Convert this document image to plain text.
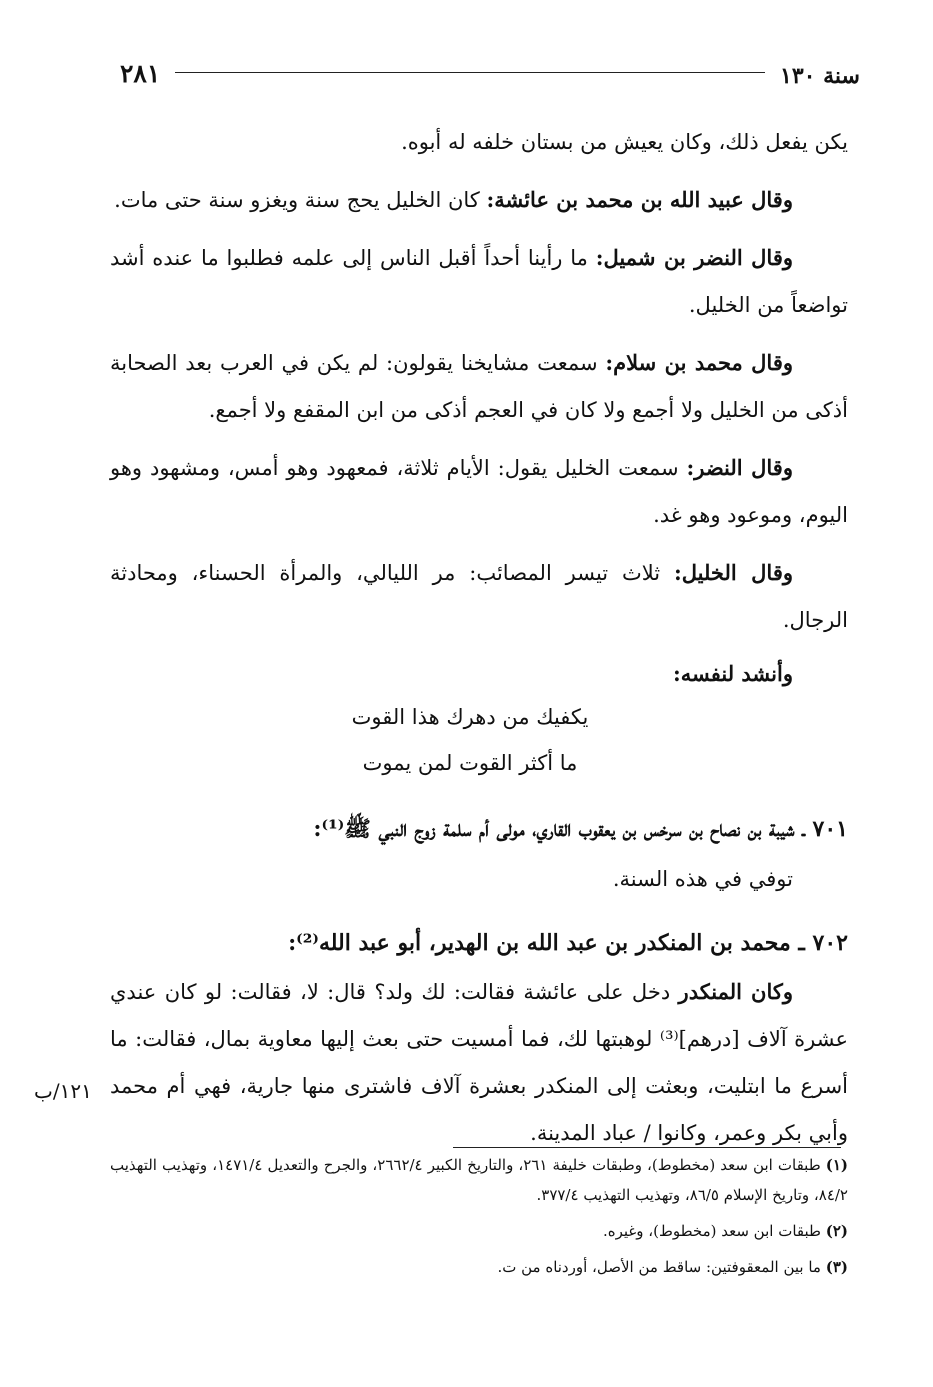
٢٨١	سنة ١٣٠

يكن يفعل ذلك، وكان يعيش من بستان خلفه له أبوه.

وقال عبيد الله بن محمد بن عائشة: كان الخليل يحج سنة ويغزو سنة حتى مات.

وقال النضر بن شميل: ما رأينا أحداً أقبل الناس إلى علمه فطلبوا ما عنده أشد تواضعاً من الخليل.

وقال محمد بن سلام: سمعت مشايخنا يقولون: لم يكن في العرب بعد الصحابة أذكى من الخليل ولا أجمع ولا كان في العجم أذكى من ابن المقفع ولا أجمع.

وقال النضر: سمعت الخليل يقول: الأيام ثلاثة، فمعهود وهو أمس، ومشهود وهو اليوم، وموعود وهو غد.

وقال الخليل: ثلاث تيسر المصائب: مر الليالي، والمرأة الحسناء، ومحادثة الرجال.

وأنشد لنفسه:

يكفيك من دهرك هذا القوت
ما أكثر القوت لمن يموت

٧٠١ ـ شيبة بن نصاح بن سرخس بن يعقوب القاري، مولى أم سلمة زوج النبي ﷺ⁽¹⁾:

توفي في هذه السنة.

٧٠٢ ـ محمد بن المنكدر بن عبد الله بن الهدير، أبو عبد الله⁽²⁾:

وكان المنكدر دخل على عائشة فقالت: لك ولد؟ قال: لا، فقالت: لو كان عندي عشرة آلاف [درهم]⁽³⁾ لوهبتها لك، فما أمسيت حتى بعث إليها معاوية بمال، فقالت: ما أسرع ما ابتليت، وبعثت إلى المنكدر بعشرة آلاف فاشترى منها جارية، فهي أم محمد وأبي بكر وعمر، وكانوا / عباد المدينة.

١٢١/ب

(١) طبقات ابن سعد (مخطوط)، وطبقات خليفة ٢٦١، والتاريخ الكبير ٢٦٦٢/٤، والجرح والتعديل ١٤٧١/٤، وتهذيب التهذيب ٨٤/٢، وتاريخ الإسلام ٨٦/٥، وتهذيب التهذيب ٣٧٧/٤.

(٢) طبقات ابن سعد (مخطوط)، وغيره.

(٣) ما بين المعقوفتين: ساقط من الأصل، أوردناه من ت.
